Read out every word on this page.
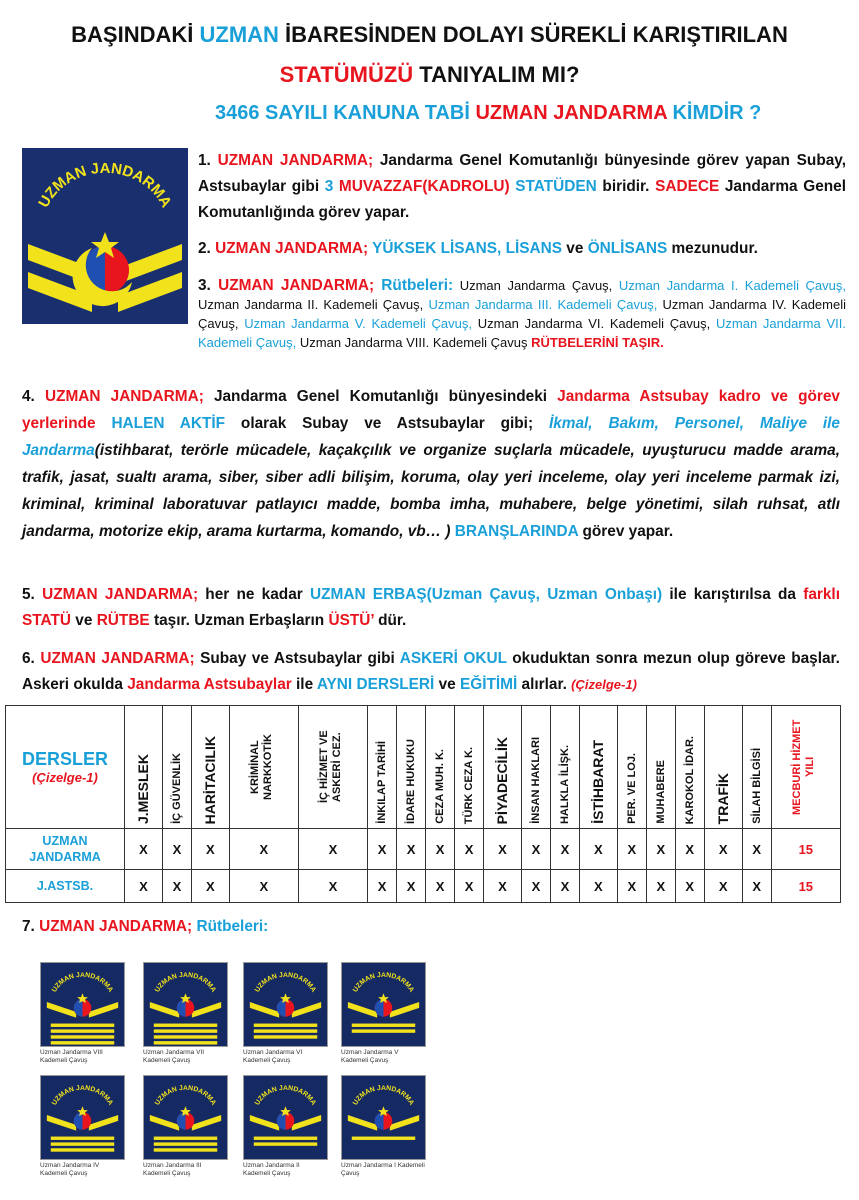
BAŞINDAKİ UZMAN İBARESİNDEN DOLAYI SÜREKLİ KARIŞTIRILAN
STATÜMÜZÜ TANIYALIM MI?
3466 SAYILI KANUNA TABİ UZMAN JANDARMA KİMDİR ?
UZMAN JANDARMA
1. UZMAN JANDARMA; Jandarma Genel Komutanlığı bünyesinde görev yapan Subay, Astsubaylar gibi 3 MUVAZZAF(KADROLU) STATÜDEN biridir. SADECE Jandarma Genel Komutanlığında görev yapar.
2. UZMAN JANDARMA; YÜKSEK LİSANS, LİSANS ve ÖNLİSANS mezunudur.
3. UZMAN JANDARMA; Rütbeleri: Uzman Jandarma Çavuş, Uzman Jandarma I. Kademeli Çavuş, Uzman Jandarma II. Kademeli Çavuş, Uzman Jandarma III. Kademeli Çavuş, Uzman Jandarma IV. Kademeli Çavuş, Uzman Jandarma V. Kademeli Çavuş, Uzman Jandarma VI. Kademeli Çavuş, Uzman Jandarma VII. Kademeli Çavuş, Uzman Jandarma VIII. Kademeli Çavuş RÜTBELERİNİ TAŞIR.
4. UZMAN JANDARMA; Jandarma Genel Komutanlığı bünyesindeki Jandarma Astsubay kadro ve görev yerlerinde HALEN AKTİF olarak Subay ve Astsubaylar gibi; İkmal, Bakım, Personel, Maliye ile Jandarma(istihbarat, terörle mücadele, kaçakçılık ve organize suçlarla mücadele, uyuşturucu madde arama, trafik, jasat, sualtı arama, siber, siber adli bilişim, koruma, olay yeri inceleme, olay yeri inceleme parmak izi, kriminal, kriminal laboratuvar patlayıcı madde, bomba imha, muhabere, belge yönetimi, silah ruhsat, atlı jandarma, motorize ekip, arama kurtarma, komando, vb… ) BRANŞLARINDA görev yapar.
5. UZMAN JANDARMA; her ne kadar UZMAN ERBAŞ(Uzman Çavuş, Uzman Onbaşı) ile karıştırılsa da farklı STATÜ ve RÜTBE taşır. Uzman Erbaşların ÜSTÜ’ dür.
6. UZMAN JANDARMA; Subay ve Astsubaylar gibi ASKERİ OKUL okuduktan sonra mezun olup göreve başlar. Askeri okulda Jandarma Astsubaylar ile AYNI DERSLERİ ve EĞİTİMİ alırlar. (Çizelge-1)
DERSLER
(Çizelge-1)	J.MESLEK	İÇ GÜVENLİK	HARİTACILIK	KRİMİNAL NARKKOTİK	İÇ HİZMET VE ASKERİ CEZ.	İNKILAP TARİHİ	İDARE HUKUKU	CEZA MUH. K.	TÜRK CEZA K.	PİYADECİLİK	İNSAN HAKLARI	HALKLA İLİŞK.	İSTİHBARAT	PER. VE LOJ.	MUHABERE	KAROKOL İDAR.	TRAFİK	SİLAH BİLGİSİ	MECBURİ HİZMET YILI

UZMAN JANDARMA	X	X	X	X	X	X	X	X	X	X	X	X	X	X	X	X	X	X	15
J.ASTSB.	X	X	X	X	X	X	X	X	X	X	X	X	X	X	X	X	X	X	15
7. UZMAN JANDARMA; Rütbeleri:
UZMAN JANDARMA
Uzman Jandarma VIII Kademeli Çavuş
UZMAN JANDARMA
Uzman Jandarma VII Kademeli Çavuş
UZMAN JANDARMA
Uzman Jandarma VI Kademeli Çavuş
UZMAN JANDARMA
Uzman Jandarma V Kademeli Çavuş
UZMAN JANDARMA
Uzman Jandarma IV Kademeli Çavuş
UZMAN JANDARMA
Uzman Jandarma III Kademeli Çavuş
UZMAN JANDARMA
Uzman Jandarma II Kademeli Çavuş
UZMAN JANDARMA
Uzman Jandarma I Kademeli Çavuş
